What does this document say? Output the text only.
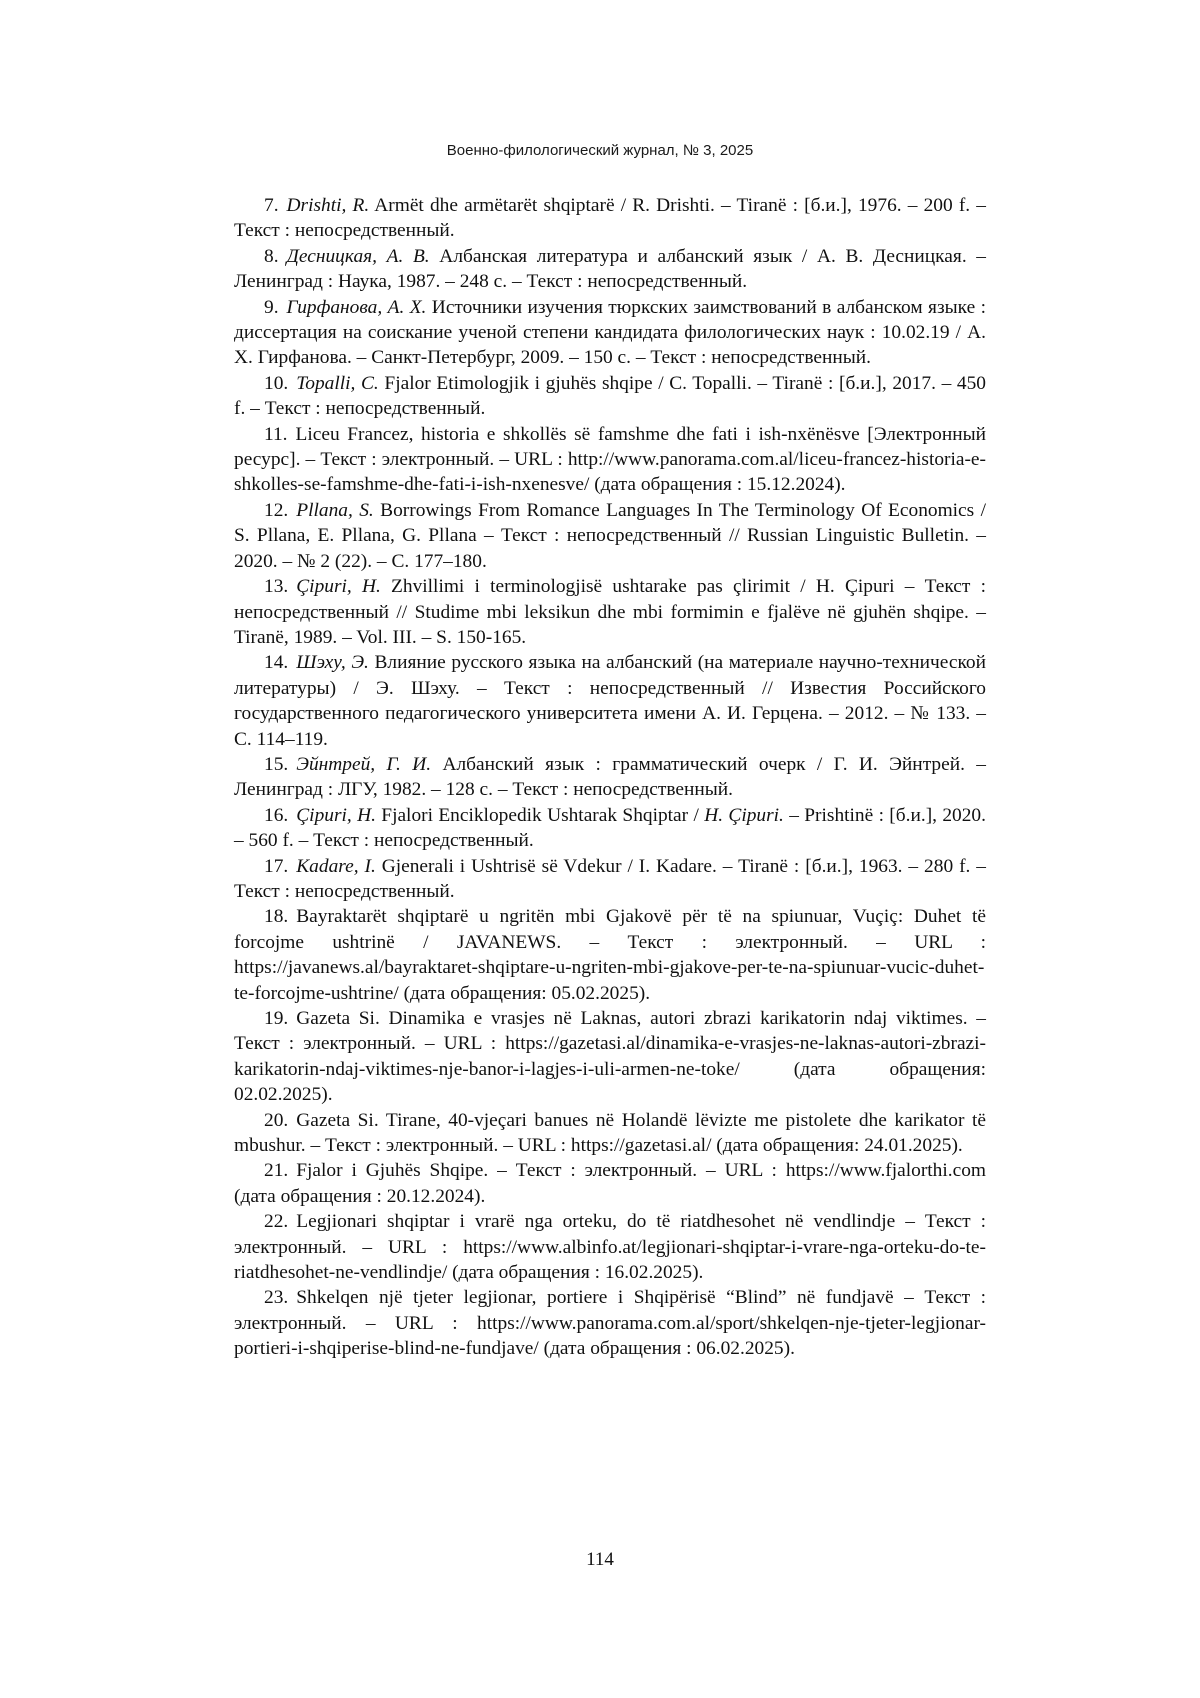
Военно-филологический журнал, № 3, 2025

7. Drishti, R. Armët dhe armëtarët shqiptarë / R. Drishti. – Tiranë : [б.и.], 1976. – 200 f. – Текст : непосредственный.
8. Десницкая, А. В. Албанская литература и албанский язык / А. В. Десницкая. – Ленинград : Наука, 1987. – 248 с. – Текст : непосредственный.
9. Гирфанова, А. Х. Источники изучения тюркских заимствований в албанском языке : диссертация на соискание ученой степени кандидата филологических наук : 10.02.19 / А. Х. Гирфанова. – Санкт-Петербург, 2009. – 150 с. – Текст : непосредственный.
10. Topalli, C. Fjalor Etimologjik i gjuhës shqipe / C. Topalli. – Tiranë : [б.и.], 2017. – 450 f. – Текст : непосредственный.
11. Liceu Francez, historia e shkollës së famshme dhe fati i ish-nxënësve [Электронный ресурс]. – Текст : электронный. – URL : http://www.panorama.com.al/liceu-francez-historia-e-shkolles-se-famshme-dhe-fati-i-ish-nxenesve/ (дата обращения : 15.12.2024).
12. Pllana, S. Borrowings From Romance Languages In The Terminology Of Economics / S. Pllana, E. Pllana, G. Pllana – Текст : непосредственный // Russian Linguistic Bulletin. – 2020. – № 2 (22). – С. 177–180.
13. Çipuri, H. Zhvillimi i terminologjisë ushtarake pas çlirimit / H. Çipuri – Текст : непосредственный // Studime mbi leksikun dhe mbi formimin e fjalëve në gjuhën shqipe. – Tiranë, 1989. – Vol. III. – S. 150-165.
14. Шэху, Э. Влияние русского языка на албанский (на материале научно-технической литературы) / Э. Шэху. – Текст : непосредственный // Известия Российского государственного педагогического университета имени А. И. Герцена. – 2012. – № 133. – С. 114–119.
15. Эйнтрей, Г. И. Албанский язык : грамматический очерк / Г. И. Эйнтрей. – Ленинград : ЛГУ, 1982. – 128 с. – Текст : непосредственный.
16. Çipuri, H. Fjalori Enciklopedik Ushtarak Shqiptar / H. Çipuri. – Prishtinë : [б.и.], 2020. – 560 f. – Текст : непосредственный.
17. Kadare, I. Gjenerali i Ushtrisë së Vdekur / I. Kadare. – Tiranë : [б.и.], 1963. – 280 f. – Текст : непосредственный.
18. Bayraktarët shqiptarë u ngritën mbi Gjakovë për të na spiunuar, Vuçiç: Duhet të forcojme ushtrinë / JAVANEWS. – Текст : электронный. – URL : https://javanews.al/bayraktaret-shqiptare-u-ngriten-mbi-gjakove-per-te-na-spiunuar-vucic-duhet-te-forcojme-ushtrine/ (дата обращения: 05.02.2025).
19. Gazeta Si. Dinamika e vrasjes në Laknas, autori zbrazi karikatorin ndaj viktimes. – Текст : электронный. – URL : https://gazetasi.al/dinamika-e-vrasjes-ne-laknas-autori-zbrazi-karikatorin-ndaj-viktimes-nje-banor-i-lagjes-i-uli-armen-ne-toke/ (дата обращения: 02.02.2025).
20. Gazeta Si. Tirane, 40-vjeçari banues në Holandë lëvizte me pistolete dhe karikator të mbushur. – Текст : электронный. – URL : https://gazetasi.al/ (дата обращения: 24.01.2025).
21. Fjalor i Gjuhës Shqipe. – Текст : электронный. – URL : https://www.fjalorthi.com (дата обращения : 20.12.2024).
22. Legjionari shqiptar i vrarë nga orteku, do të riatdhesohet në vendlindje – Текст : электронный. – URL : https://www.albinfo.at/legjionari-shqiptar-i-vrare-nga-orteku-do-te-riatdhesohet-ne-vendlindje/ (дата обращения : 16.02.2025).
23. Shkelqen një tjeter legjionar, portiere i Shqipërisë “Blind” në fundjavë – Текст : электронный. – URL : https://www.panorama.com.al/sport/shkelqen-nje-tjeter-legjionar-portieri-i-shqiperise-blind-ne-fundjave/ (дата обращения : 06.02.2025).

114
